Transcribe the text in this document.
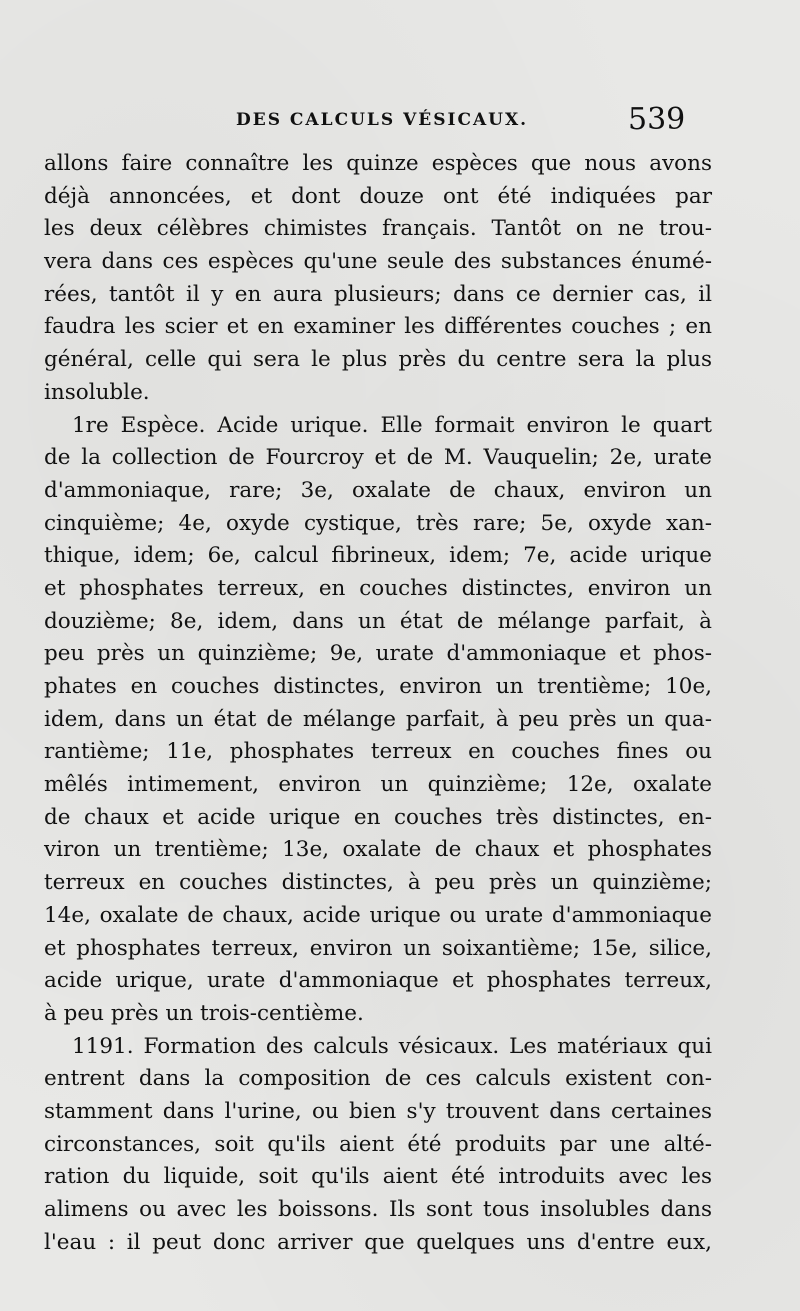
DES CALCULS VÉSICAUX.	539
allons faire connaître les quinze espèces que nous avons
déjà annoncées, et dont douze ont été indiquées par
les deux célèbres chimistes français. Tantôt on ne trou-
vera dans ces espèces qu'une seule des substances énumé-
rées, tantôt il y en aura plusieurs; dans ce dernier cas, il
faudra les scier et en examiner les différentes couches ; en
général, celle qui sera le plus près du centre sera la plus
insoluble.
1re Espèce. Acide urique. Elle formait environ le quart
de la collection de Fourcroy et de M. Vauquelin; 2e, urate
d'ammoniaque, rare; 3e, oxalate de chaux, environ un
cinquième; 4e, oxyde cystique, très rare; 5e, oxyde xan-
thique, idem; 6e, calcul fibrineux, idem; 7e, acide urique
et phosphates terreux, en couches distinctes, environ un
douzième; 8e, idem, dans un état de mélange parfait, à
peu près un quinzième; 9e, urate d'ammoniaque et phos-
phates en couches distinctes, environ un trentième; 10e,
idem, dans un état de mélange parfait, à peu près un qua-
rantième; 11e, phosphates terreux en couches fines ou
mêlés intimement, environ un quinzième; 12e, oxalate
de chaux et acide urique en couches très distinctes, en-
viron un trentième; 13e, oxalate de chaux et phosphates
terreux en couches distinctes, à peu près un quinzième;
14e, oxalate de chaux, acide urique ou urate d'ammoniaque
et phosphates terreux, environ un soixantième; 15e, silice,
acide urique, urate d'ammoniaque et phosphates terreux,
à peu près un trois-centième.
1191. Formation des calculs vésicaux. Les matériaux qui
entrent dans la composition de ces calculs existent con-
stamment dans l'urine, ou bien s'y trouvent dans certaines
circonstances, soit qu'ils aient été produits par une alté-
ration du liquide, soit qu'ils aient été introduits avec les
alimens ou avec les boissons. Ils sont tous insolubles dans
l'eau : il peut donc arriver que quelques uns d'entre eux,
